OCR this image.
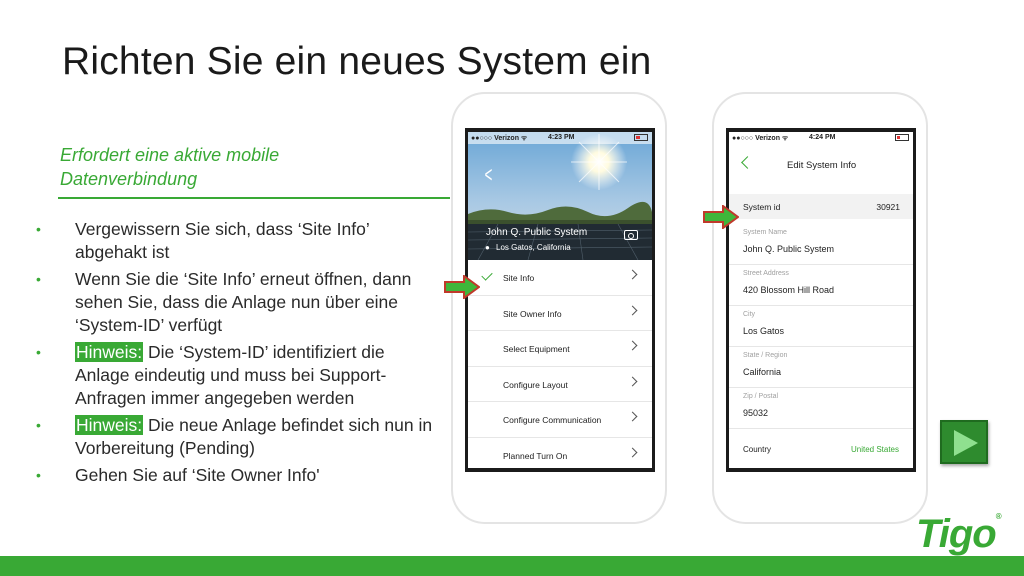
Richten Sie ein neues System ein
Erfordert eine aktive mobile Datenverbindung
• Vergewissern Sie sich, dass ‘Site Info’ abgehakt ist
• Wenn Sie die ‘Site Info’ erneut öffnen, dann sehen Sie, dass die Anlage nun über eine ‘System-ID’ verfügt
• Hinweis: Die ‘System-ID’ identifiziert die Anlage eindeutig und muss bei Support-Anfragen immer angegeben werden
• Hinweis: Die neue Anlage befindet sich nun in Vorbereitung (Pending)
• Gehen Sie auf ‘Site Owner Info'
●●○○○ Verizon ᯤ	4:23 PM
<
John Q. Public System
● Los Gatos, California
Site Info
Site Owner Info
Select Equipment
Configure Layout
Configure Communication
Planned Turn On
●●○○○ Verizon ᯤ	4:24 PM
Edit System Info
System id	30921
System Name
John Q. Public System
Street Address
420 Blossom Hill Road
City
Los Gatos
State / Region
California
Zip / Postal
95032
Country	United States
Tigo®
